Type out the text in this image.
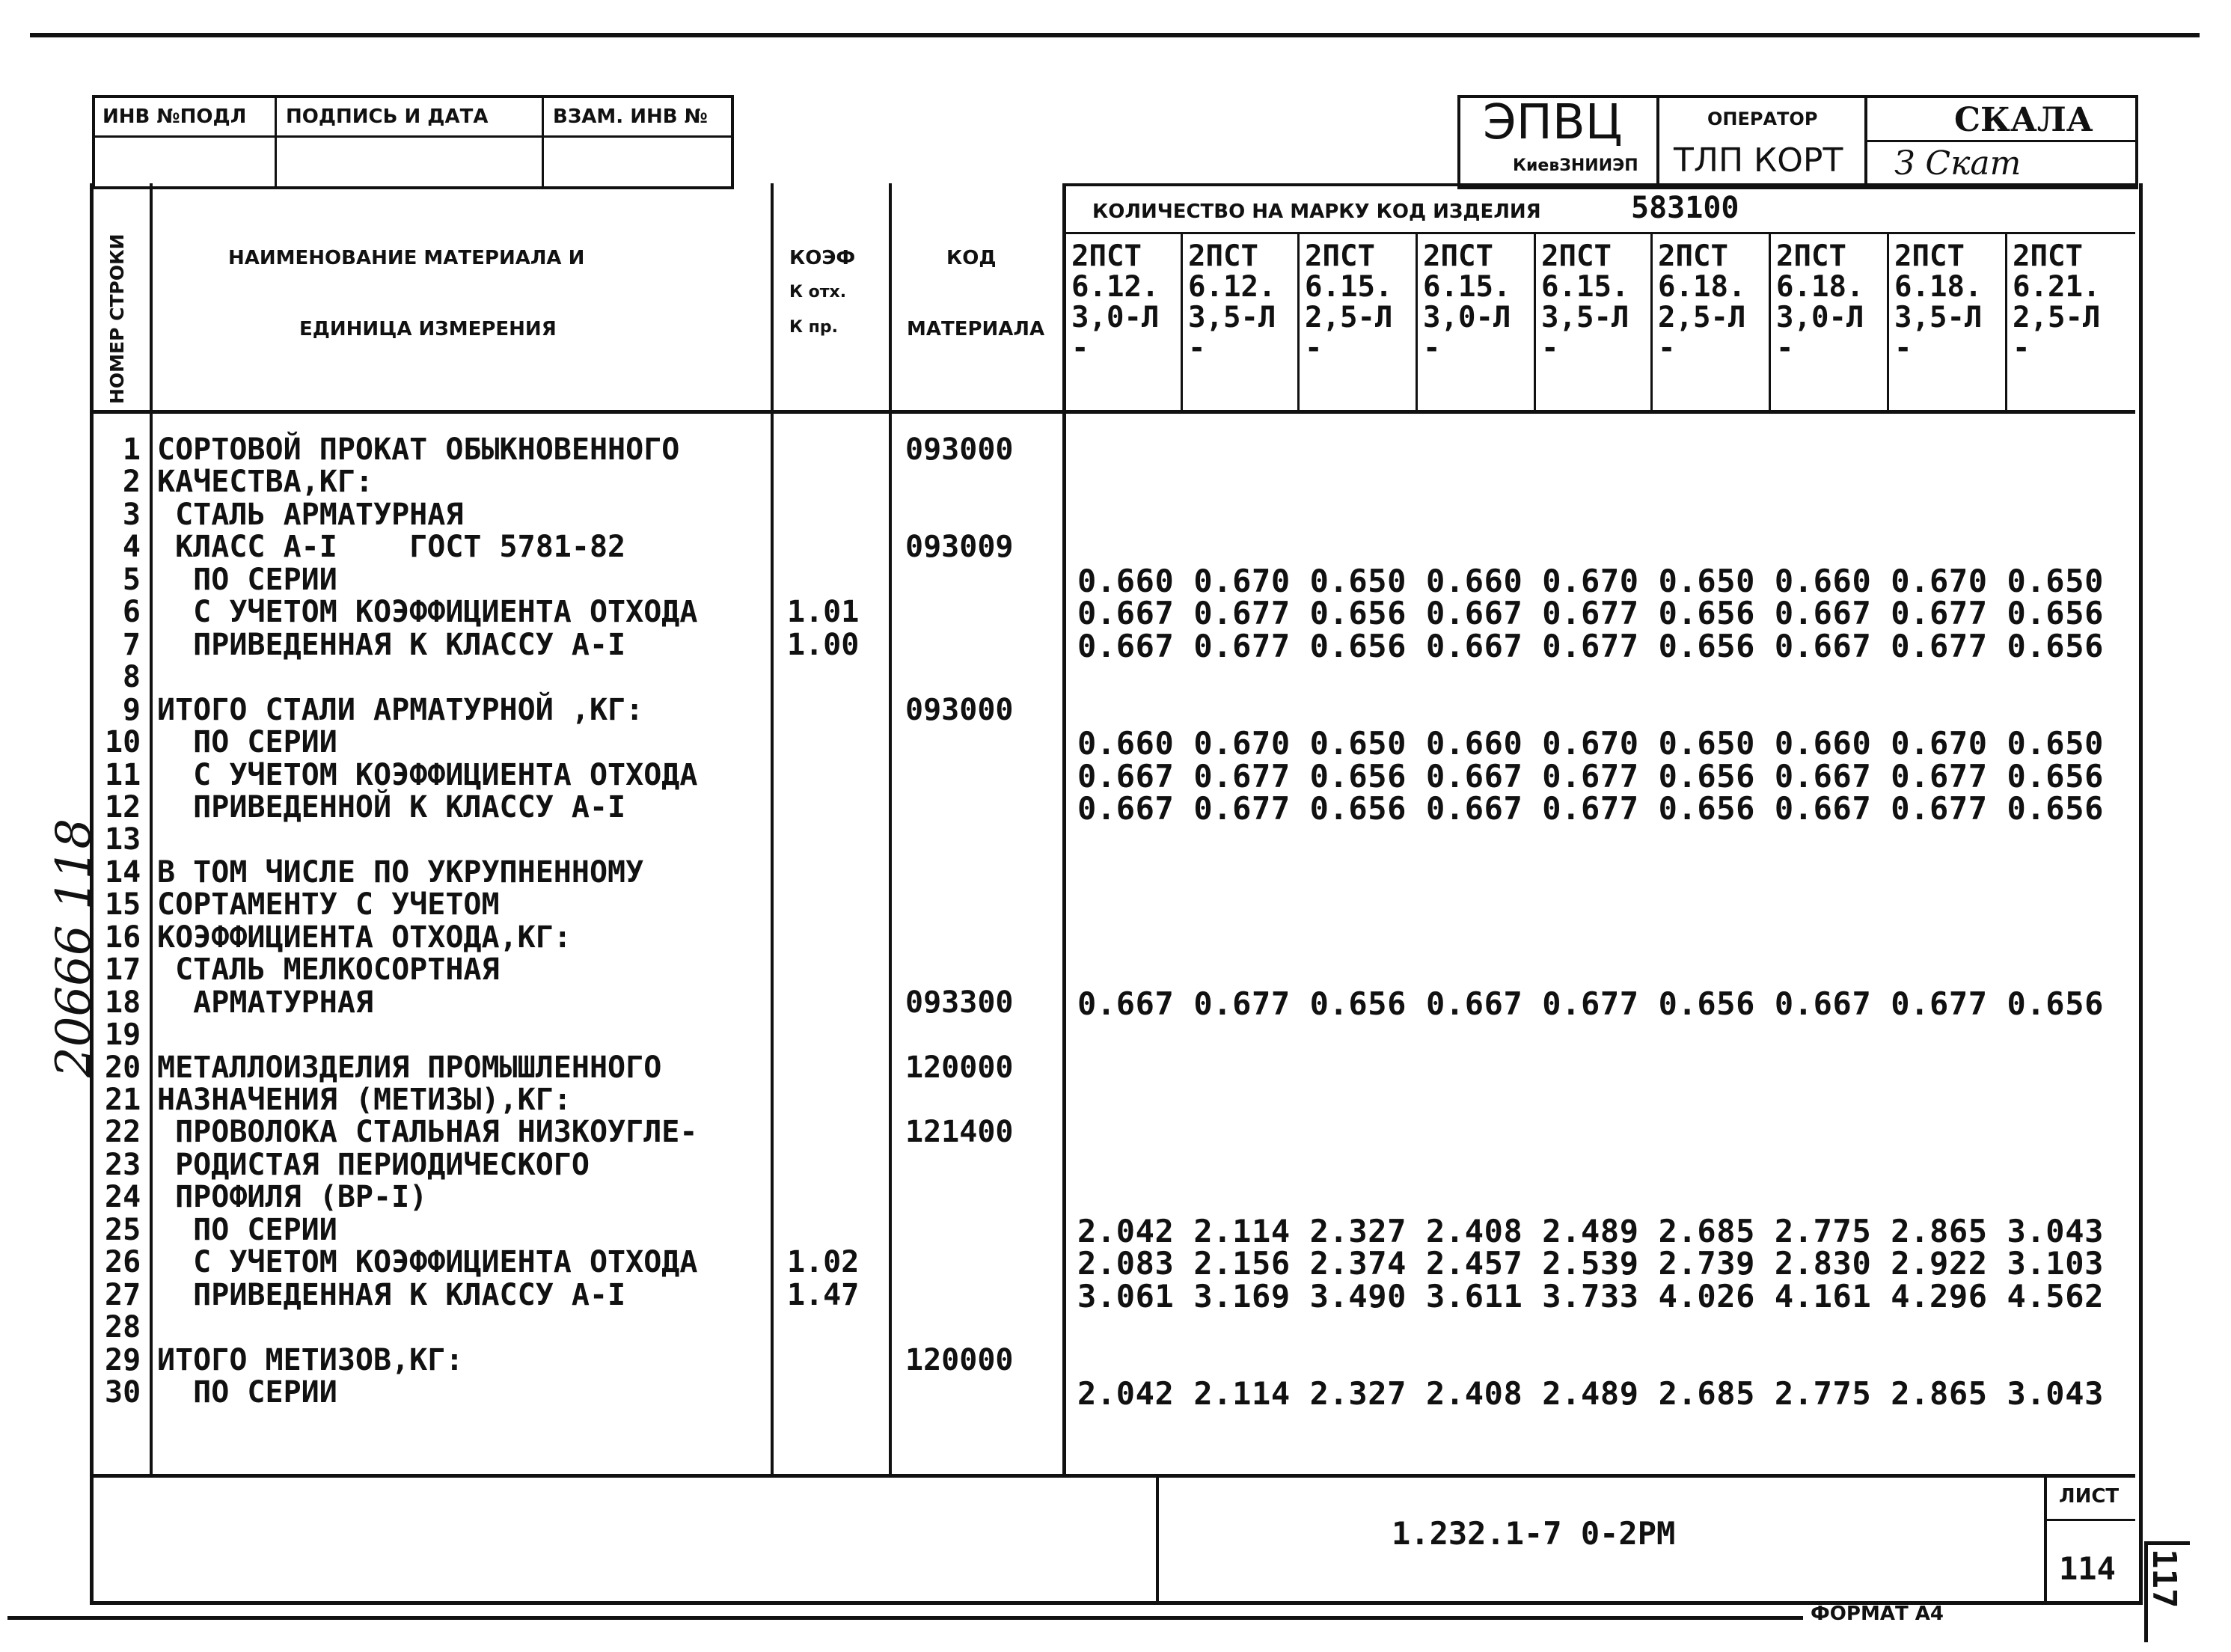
ИНВ №ПОДЛ ПОДПИСЬ И ДАТА	ВЗАМ. ИНВ №	ЭПВЦ
КиевЗНИИЭП
ОПЕРАТОР
ТЛП КОРТ
СКАЛА
З Скат
НОМЕР СТРОКИ	НАИМЕНОВАНИЕ МАТЕРИАЛА И
ЕДИНИЦА ИЗМЕРЕНИЯ
КОЭФ
К отх.
К пр.
КОД
МАТЕРИАЛА
КОЛИЧЕСТВО НА МАРКУ КОД ИЗДЕЛИЯ	583100
2ПСТ
6.12.
3,0-Л
-
2ПСТ
6.12.
3,5-Л
-
2ПСТ
6.15.
2,5-Л
-
2ПСТ
6.15.
3,0-Л
-
2ПСТ
6.15.
3,5-Л
-
2ПСТ
6.18.
2,5-Л
-
2ПСТ
6.18.
3,0-Л
-
2ПСТ
6.18.
3,5-Л
-
2ПСТ
6.21.
2,5-Л
-
1 СОРТОВОЙ ПРОКАТ ОБЫКНОВЕННОГО	093000
2 КАЧЕСТВА,КГ:
3 СТАЛЬ АРМАТУРНАЯ
4 КЛАСС А-I    ГОСТ 5781-82	093009
5 ПО СЕРИИ	0.660 0.670 0.650 0.660 0.670 0.650 0.660 0.670 0.650
6 С УЧЕТОМ КОЭФФИЦИЕНТА ОТХОДА	1.01	0.667 0.677 0.656 0.667 0.677 0.656 0.667 0.677 0.656
7 ПРИВЕДЕННАЯ К КЛАССУ А-I	1.00	0.667 0.677 0.656 0.667 0.677 0.656 0.667 0.677 0.656
8
9 ИТОГО СТАЛИ АРМАТУРНОЙ ,КГ:	093000
10 ПО СЕРИИ	0.660 0.670 0.650 0.660 0.670 0.650 0.660 0.670 0.650
11 С УЧЕТОМ КОЭФФИЦИЕНТА ОТХОДА	0.667 0.677 0.656 0.667 0.677 0.656 0.667 0.677 0.656
12 ПРИВЕДЕННОЙ К КЛАССУ А-I	0.667 0.677 0.656 0.667 0.677 0.656 0.667 0.677 0.656
13
14 В ТОМ ЧИСЛЕ ПО УКРУПНЕННОМУ
15 СОРТАМЕНТУ С УЧЕТОМ
16 КОЭФФИЦИЕНТА ОТХОДА,КГ:
17 СТАЛЬ МЕЛКОСОРТНАЯ
18 АРМАТУРНАЯ	093300 0.667 0.677 0.656 0.667 0.677 0.656 0.667 0.677 0.656
19
20 МЕТАЛЛОИЗДЕЛИЯ ПРОМЫШЛЕННОГО	120000
21 НАЗНАЧЕНИЯ (МЕТИЗЫ),КГ:
22 ПРОВОЛОКА СТАЛЬНАЯ НИЗКОУГЛЕ-	121400
23 РОДИСТАЯ ПЕРИОДИЧЕСКОГО
24 ПРОФИЛЯ (ВР-I)
25 ПО СЕРИИ	2.042 2.114 2.327 2.408 2.489 2.685 2.775 2.865 3.043
26 С УЧЕТОМ КОЭФФИЦИЕНТА ОТХОДА	1.02	2.083 2.156 2.374 2.457 2.539 2.739 2.830 2.922 3.103
27 ПРИВЕДЕННАЯ К КЛАССУ А-I	1.47	3.061 3.169 3.490 3.611 3.733 4.026 4.161 4.296 4.562
28
29 ИТОГО МЕТИЗОВ,КГ:	120000
30 ПО СЕРИИ	2.042 2.114 2.327 2.408 2.489 2.685 2.775 2.865 3.043
1.232.1-7 0-2РМ
ЛИСТ
114 117
ФОРМАТ А4
20666 118
